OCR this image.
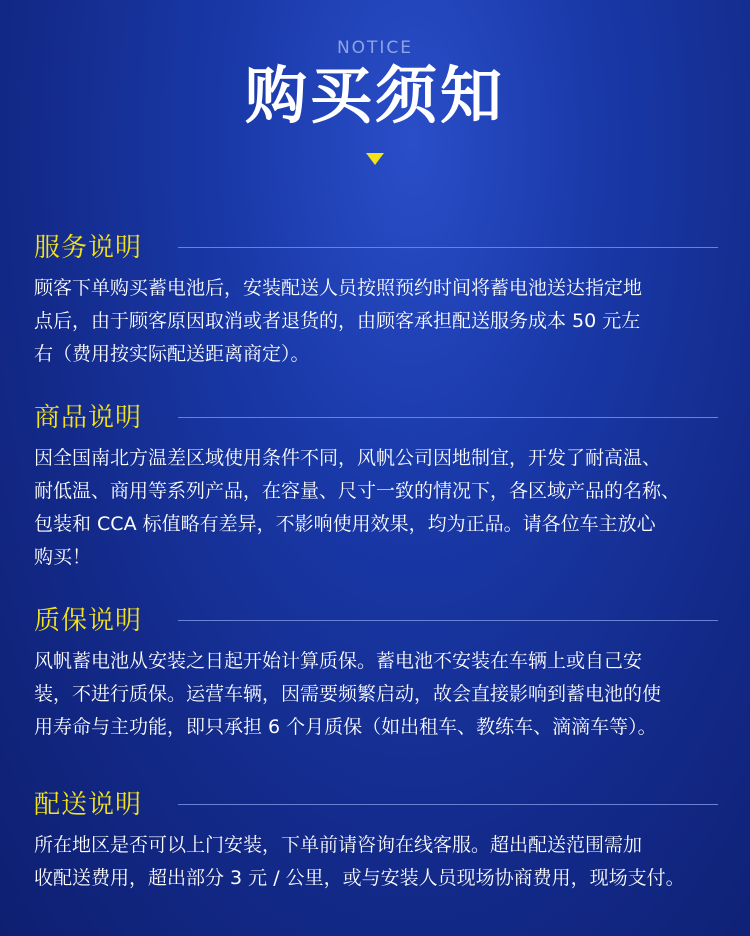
NOTICE
购买须知
服务说明
顾客下单购买蓄电池后，安装配送人员按照预约时间将蓄电池送达指定地
点后，由于顾客原因取消或者退货的，由顾客承担配送服务成本 50 元左
右（费用按实际配送距离商定）。
商品说明
因全国南北方温差区域使用条件不同，风帆公司因地制宜，开发了耐高温、
耐低温、商用等系列产品，在容量、尺寸一致的情况下，各区域产品的名称、
包装和 CCA 标值略有差异，不影响使用效果，均为正品。请各位车主放心
购买！
质保说明
风帆蓄电池从安装之日起开始计算质保。蓄电池不安装在车辆上或自己安
装，不进行质保。运营车辆，因需要频繁启动，故会直接影响到蓄电池的使
用寿命与主功能，即只承担 6 个月质保（如出租车、教练车、滴滴车等）。
配送说明
所在地区是否可以上门安装，下单前请咨询在线客服。超出配送范围需加
收配送费用，超出部分 3 元 / 公里，或与安装人员现场协商费用，现场支付。
